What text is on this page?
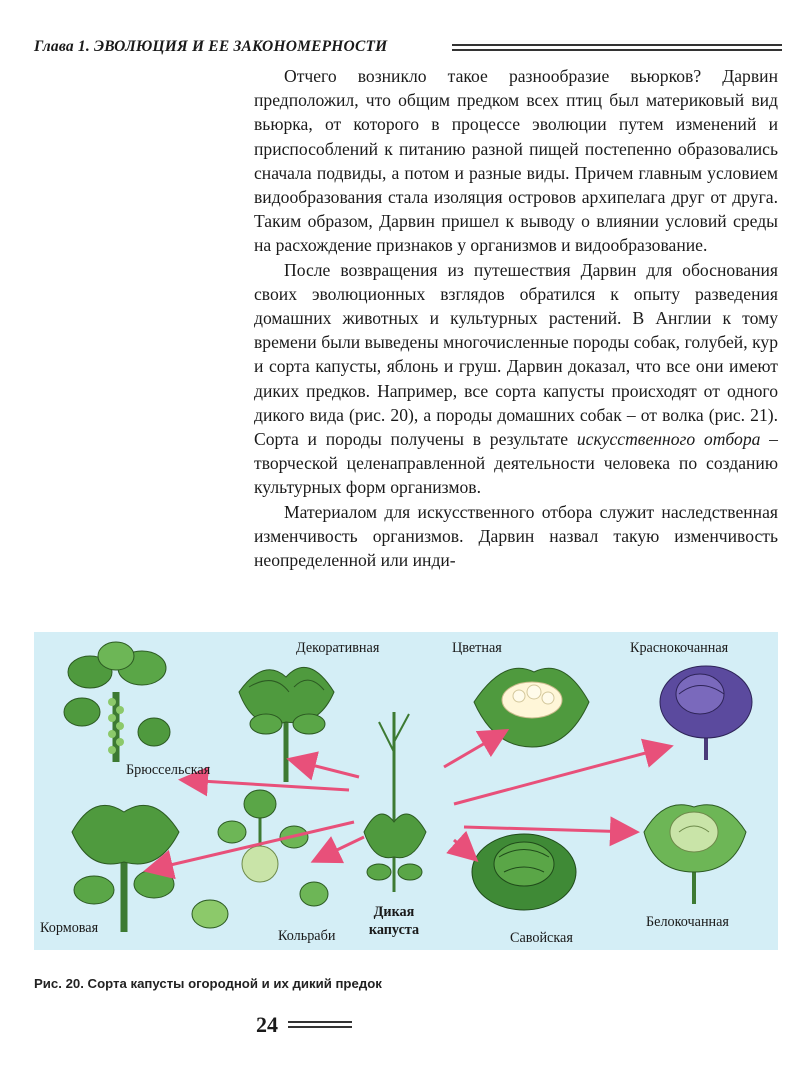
Глава 1. ЭВОЛЮЦИЯ И ЕЕ ЗАКОНОМЕРНОСТИ

Отчего возникло такое разнообразие вьюрков? Дарвин предположил, что общим предком всех птиц был материковый вид вьюрка, от которого в процессе эволюции путем изменений и приспособлений к питанию разной пищей постепенно образовались сначала подвиды, а потом и разные виды. Причем главным условием видообразования стала изоляция островов архипелага друг от друга. Таким образом, Дарвин пришел к выводу о влиянии условий среды на расхождение признаков у организмов и видообразование.

После возвращения из путешествия Дарвин для обоснования своих эволюционных взглядов обратился к опыту разведения домашних животных и культурных растений. В Англии к тому времени были выведены многочисленные породы собак, голубей, кур и сорта капусты, яблонь и груш. Дарвин доказал, что все они имеют диких предков. Например, все сорта капусты происходят от одного дикого вида (рис. 20), а породы домашних собак – от волка (рис. 21). Сорта и породы получены в результате искусственного отбора – творческой целенаправленной деятельности человека по созданию культурных форм организмов.

Материалом для искусственного отбора служит наследственная изменчивость организмов. Дарвин назвал такую изменчивость неопределенной или инди-

Брюссельская
Декоративная	Цветная	Краснокочанная
Кормовая	Кольраби
Дикая
капуста	Савойская
Белокочанная
Рис. 20. Сорта капусты огородной и их дикий предок
24
